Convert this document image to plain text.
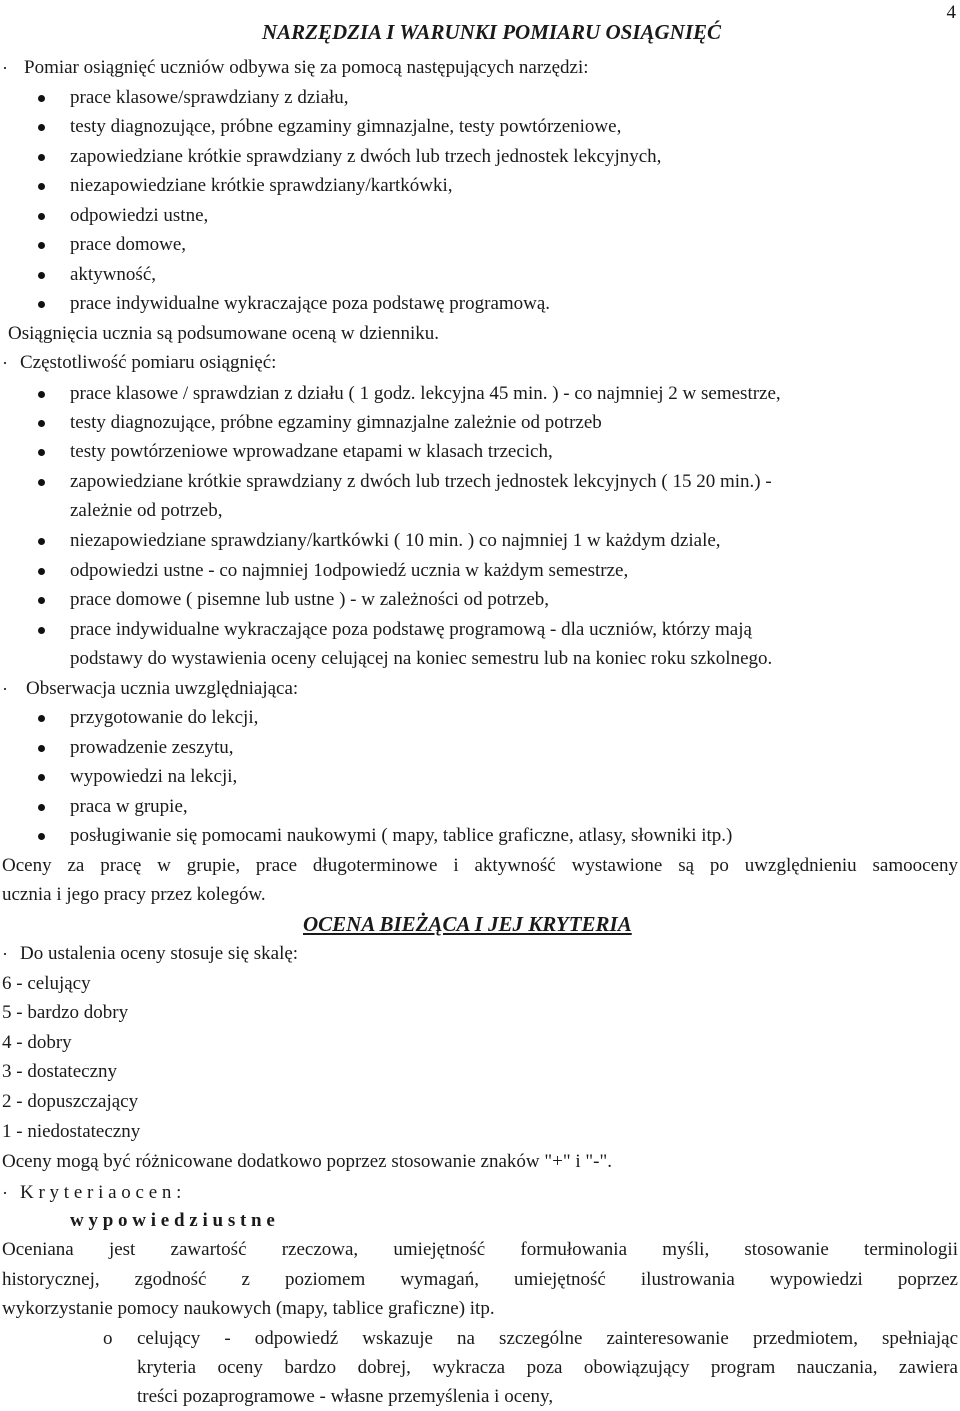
4
NARZĘDZIA I WARUNKI POMIARU OSIĄGNIĘĆ
· Pomiar osiągnięć uczniów odbywa się za pomocą następujących narzędzi:
prace klasowe/sprawdziany z działu,
testy diagnozujące, próbne egzaminy gimnazjalne, testy powtórzeniowe,
zapowiedziane krótkie sprawdziany z dwóch lub trzech jednostek lekcyjnych,
niezapowiedziane krótkie sprawdziany/kartkówki,
odpowiedzi ustne,
prace domowe,
aktywność,
prace indywidualne wykraczające poza podstawę programową.
Osiągnięcia ucznia są podsumowane oceną w dzienniku.
· Częstotliwość pomiaru osiągnięć:
prace klasowe / sprawdzian z działu ( 1 godz. lekcyjna 45 min. ) - co najmniej 2 w semestrze,
testy diagnozujące, próbne egzaminy gimnazjalne zależnie od potrzeb
testy powtórzeniowe wprowadzane etapami w klasach trzecich,
zapowiedziane krótkie sprawdziany z dwóch lub trzech jednostek lekcyjnych ( 15 20 min.) -
zależnie od potrzeb,
niezapowiedziane sprawdziany/kartkówki ( 10 min. ) co najmniej 1 w każdym dziale,
odpowiedzi ustne - co najmniej 1odpowiedź ucznia w każdym semestrze,
prace domowe ( pisemne lub ustne ) - w zależności od potrzeb,
prace indywidualne wykraczające poza podstawę programową - dla uczniów, którzy mają
podstawy do wystawienia oceny celującej na koniec semestru lub na koniec roku szkolnego.
· Obserwacja ucznia uwzględniająca:
przygotowanie do lekcji,
prowadzenie zeszytu,
wypowiedzi na lekcji,
praca w grupie,
posługiwanie się pomocami naukowymi ( mapy, tablice graficzne, atlasy, słowniki itp.)
Oceny za pracę w grupie, prace długoterminowe i aktywność wystawione są po uwzględnieniu samooceny
ucznia i jego pracy przez kolegów.
OCENA BIEŻĄCA I JEJ KRYTERIA
· Do ustalenia oceny stosuje się skalę:
6 - celujący
5 - bardzo dobry
4 - dobry
3 - dostateczny
2 - dopuszczający
1 - niedostateczny
Oceny mogą być różnicowane dodatkowo poprzez stosowanie znaków "+" i "-".
· K r y t e r i a o c e n :
w y p o w i e d z i u s t n e
Oceniana jest zawartość rzeczowa, umiejętność formułowania myśli, stosowanie terminologii
historycznej, zgodność z poziomem wymagań, umiejętność ilustrowania wypowiedzi poprzez
wykorzystanie pomocy naukowych (mapy, tablice graficzne) itp.
o celujący - odpowiedź wskazuje na szczególne zainteresowanie przedmiotem, spełniając
kryteria oceny bardzo dobrej, wykracza poza obowiązujący program nauczania, zawiera
treści pozaprogramowe - własne przemyślenia i oceny,
